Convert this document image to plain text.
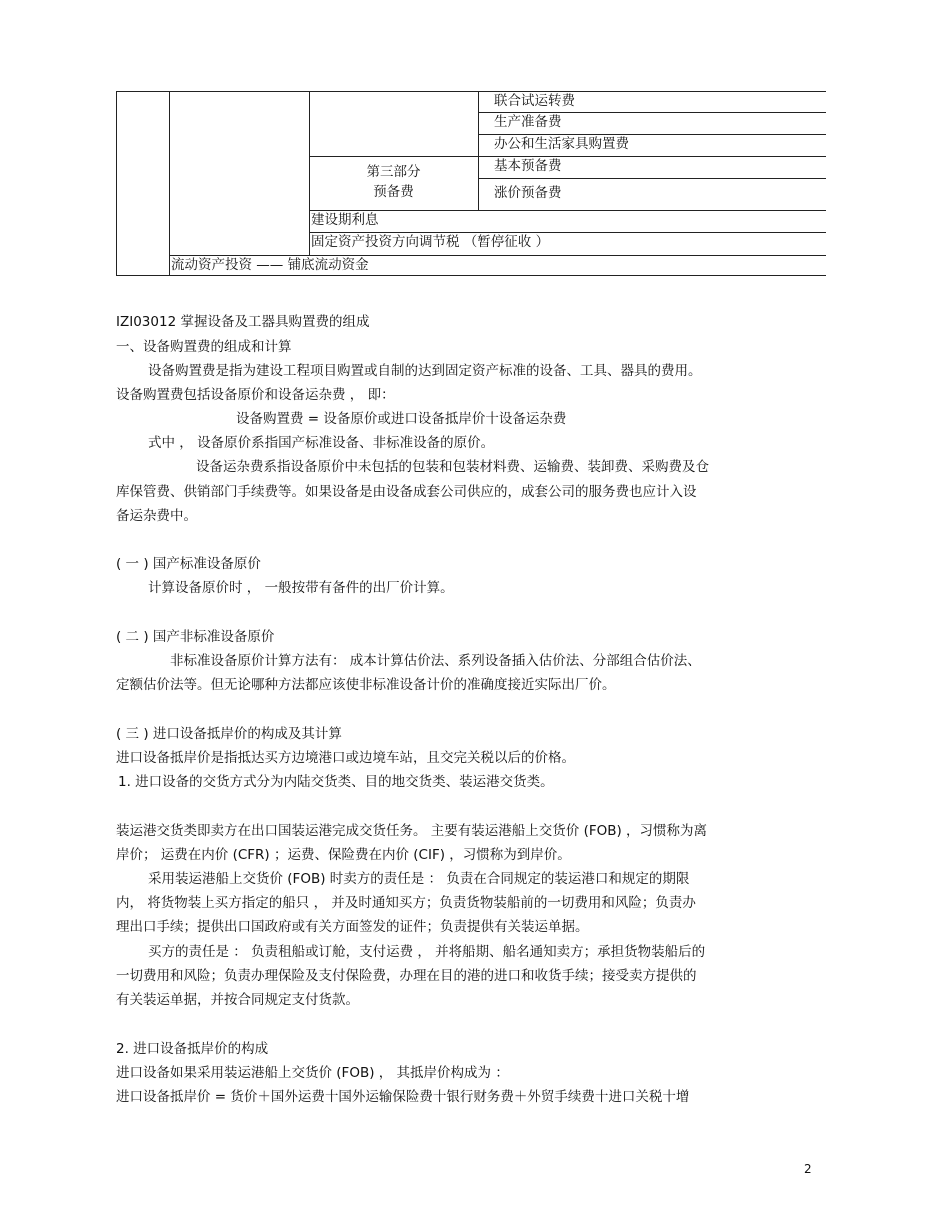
联合试运转费
生产准备费
办公和生活家具购置费
第三部分
预备费
基本预备费
涨价预备费
建设期利息
固定资产投资方向调节税 （暂停征收 ）
流动资产投资 —— 铺底流动资金
IZI03012 掌握设备及工器具购置费的组成
一、设备购置费的组成和计算
设备购置费是指为建设工程项目购置或自制的达到固定资产标准的设备、工具、器具的费用。
设备购置费包括设备原价和设备运杂费 ， 即：
设备购置费 = 设备原价或进口设备抵岸价十设备运杂费
式中 ， 设备原价系指国产标准设备、非标准设备的原价。
设备运杂费系指设备原价中未包括的包装和包装材料费、运输费、装卸费、采购费及仓
库保管费、供销部门手续费等。如果设备是由设备成套公司供应的，成套公司的服务费也应计入设
备运杂费中。
( 一 ) 国产标准设备原价
计算设备原价时 ， 一般按带有备件的出厂价计算。
( 二 ) 国产非标准设备原价
非标准设备原价计算方法有： 成本计算估价法、系列设备插入估价法、分部组合估价法、
定额估价法等。但无论哪种方法都应该使非标准设备计价的准确度接近实际出厂价。
( 三 ) 进口设备抵岸价的构成及其计算
进口设备抵岸价是指抵达买方边境港口或边境车站，且交完关税以后的价格。
1. 进口设备的交货方式分为内陆交货类、目的地交货类、装运港交货类。
装运港交货类即卖方在出口国装运港完成交货任务。 主要有装运港船上交货价 (FOB) ，习惯称为离
岸价； 运费在内价 (CFR) ；运费、保险费在内价 (CIF) ，习惯称为到岸价。
采用装运港船上交货价 (FOB) 时卖方的责任是 ： 负责在合同规定的装运港口和规定的期限
内， 将货物装上买方指定的船只 ， 并及时通知买方；负责货物装船前的一切费用和风险；负责办
理出口手续；提供出口国政府或有关方面签发的证件；负责提供有关装运单据。
买方的责任是 ： 负责租船或订舱，支付运费 ， 并将船期、船名通知卖方；承担货物装船后的
一切费用和风险；负责办理保险及支付保险费，办理在目的港的进口和收货手续；接受卖方提供的
有关装运单据，并按合同规定支付货款。
2. 进口设备抵岸价的构成
进口设备如果采用装运港船上交货价 (FOB) ， 其抵岸价构成为 ：
进口设备抵岸价 = 货价＋国外运费十国外运输保险费十银行财务费＋外贸手续费十进口关税十增
2
